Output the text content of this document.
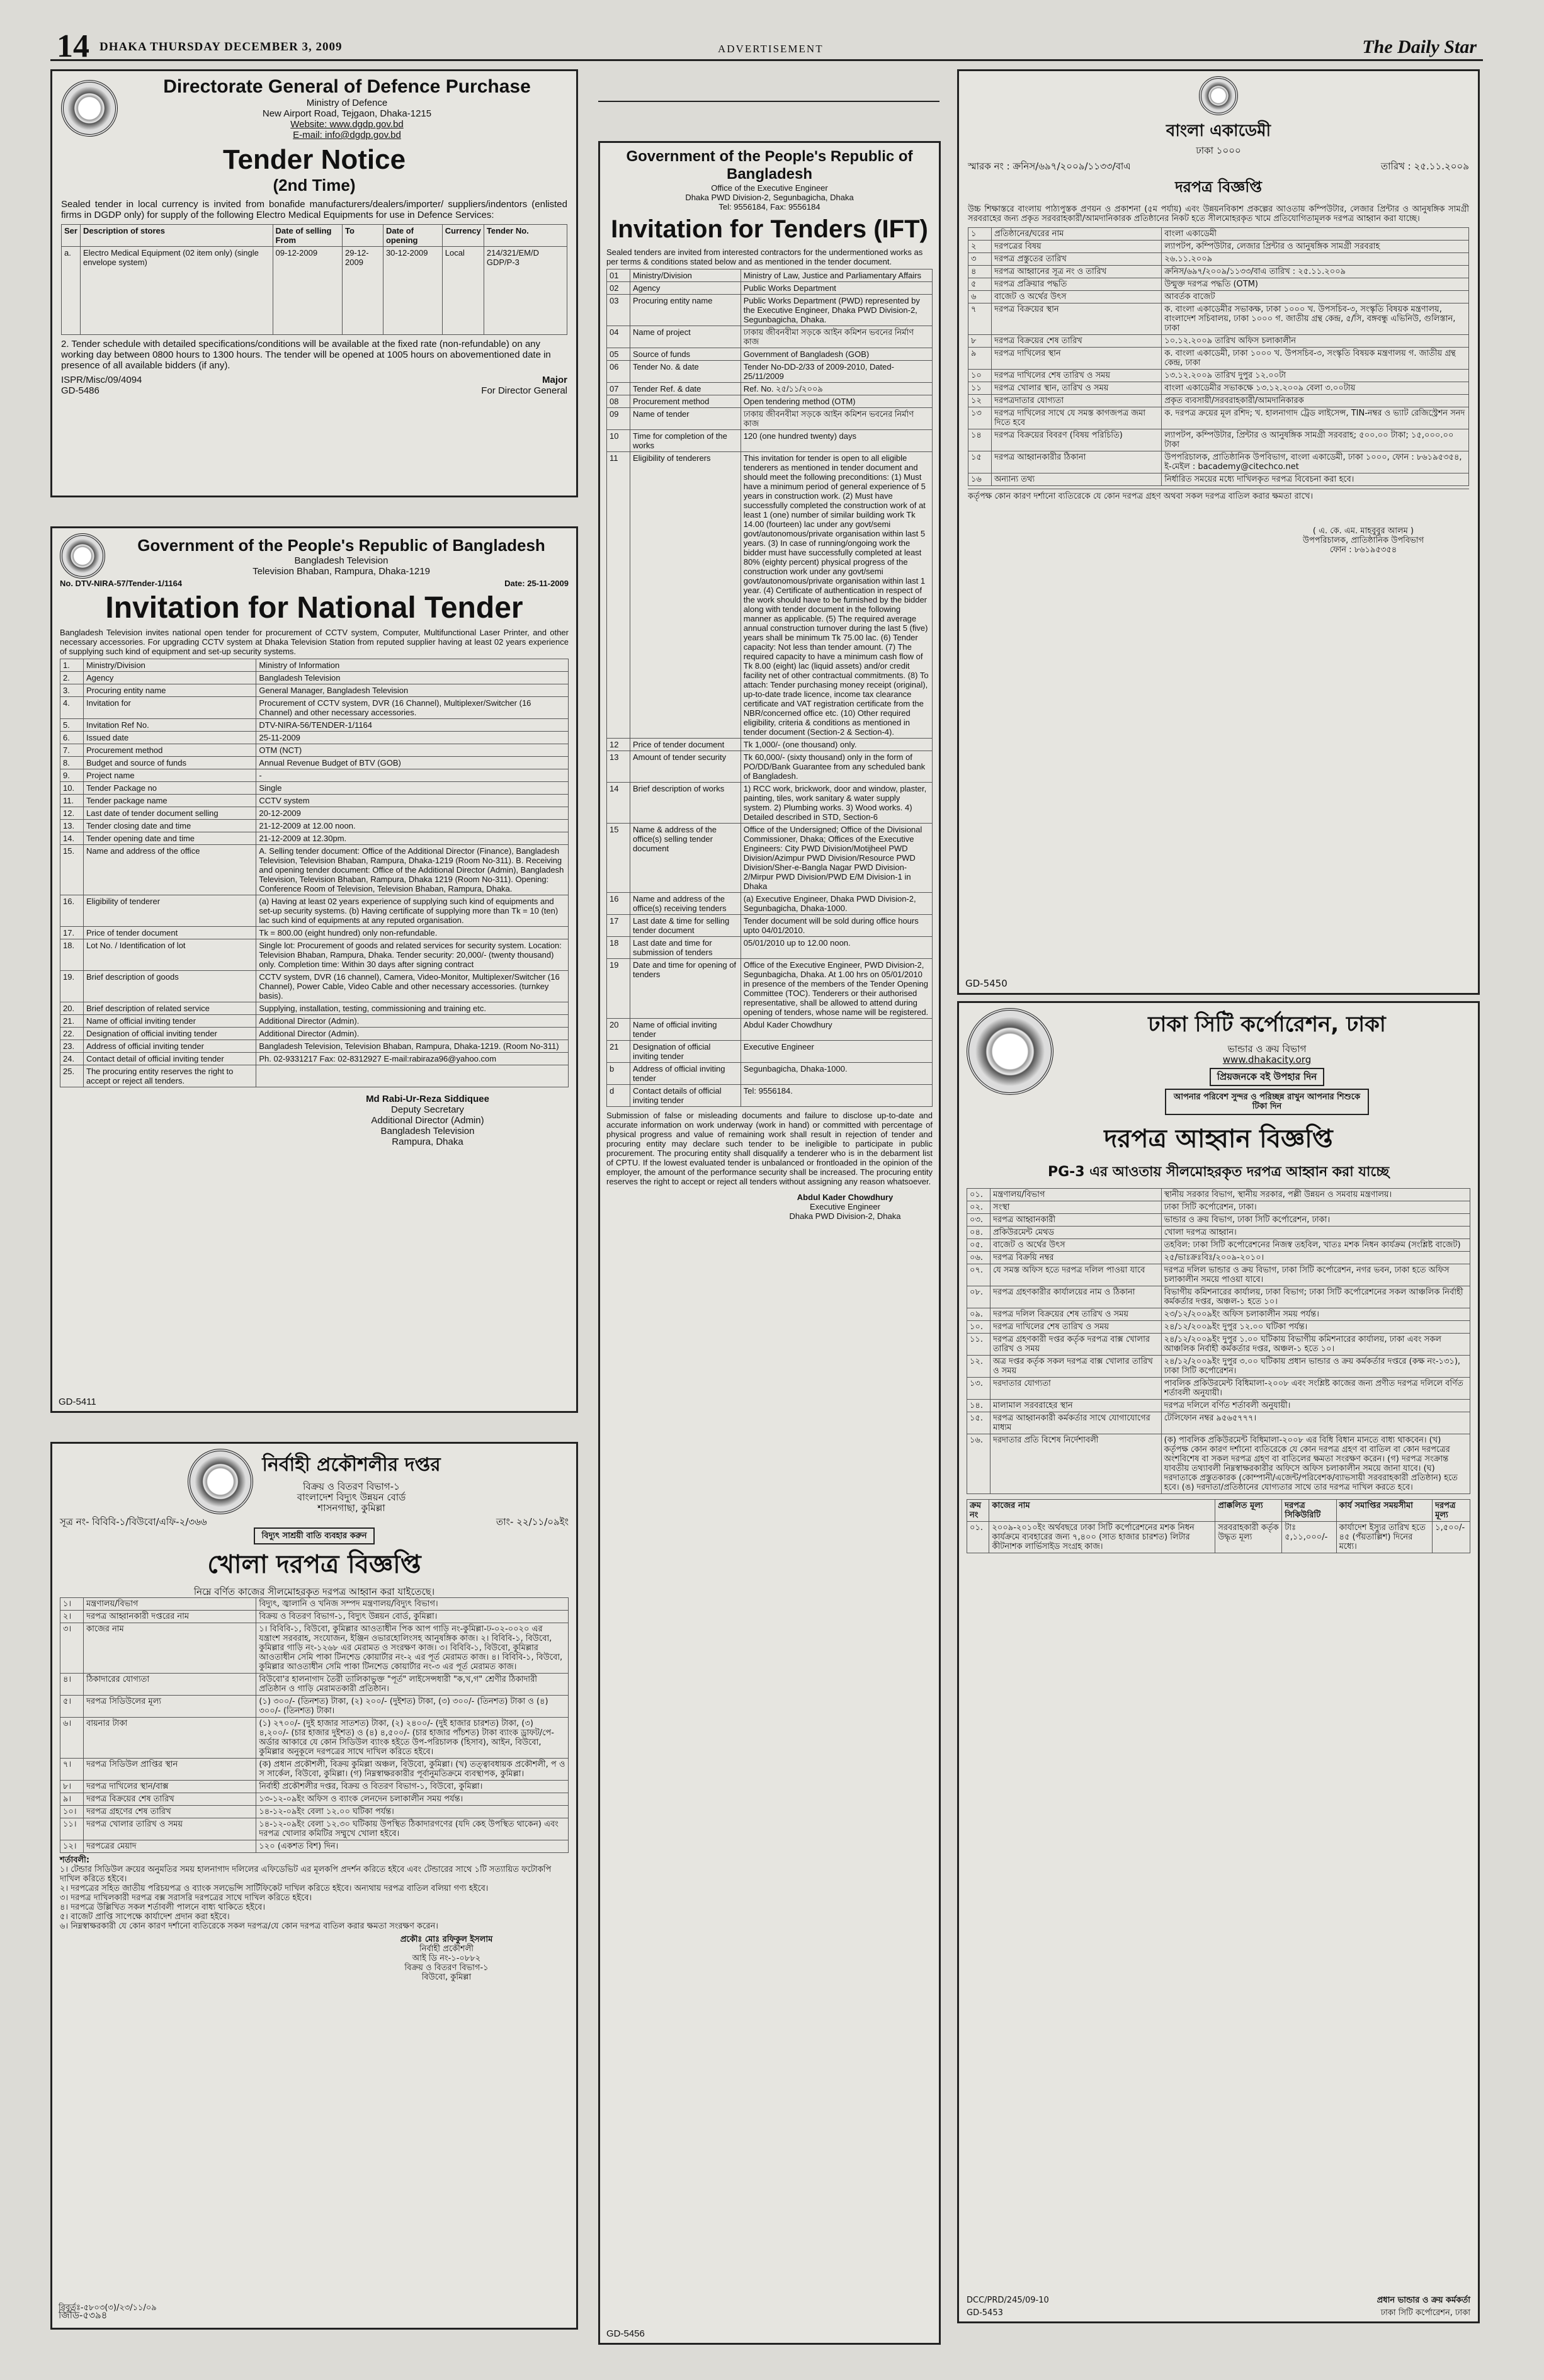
14 DHAKA THURSDAY DECEMBER 3, 2009	ADVERTISEMENT	The Daily Star
Directorate General of Defence Purchase
Ministry of Defence
New Airport Road, Tejgaon, Dhaka-1215
Website: www.dgdp.gov.bd
E-mail: info@dgdp.gov.bd
Tender Notice
(2nd Time)
Sealed tender in local currency is invited from bonafide manufacturers/dealers/importer/ suppliers/indentors (enlisted firms in DGDP only) for supply of the following Electro Medical Equipments for use in Defence Services:
Ser	Description of stores	Date of selling From	To	Date of opening	Currency	Tender No.
a.	Electro Medical Equipment (02 item only) (single envelope system)	09-12-2009	29-12-2009	30-12-2009	Local	214/321/EM/D GDP/P-3
2. Tender schedule with detailed specifications/conditions will be available at the fixed rate (non-refundable) on any working day between 0800 hours to 1300 hours. The tender will be opened at 1005 hours on abovementioned date in presence of all available bidders (if any).
ISPR/Misc/09/4094	Major
GD-5486	For Director General
Government of the People's Republic of Bangladesh
Bangladesh Television
Television Bhaban, Rampura, Dhaka-1219
No. DTV-NIRA-57/Tender-1/1164	Date: 25-11-2009
Invitation for National Tender
Bangladesh Television invites national open tender for procurement of CCTV system, Computer, Multifunctional Laser Printer, and other necessary accessories. For upgrading CCTV system at Dhaka Television Station from reputed supplier having at least 02 years experience of supplying such kind of equipment and set-up security systems.
1.	Ministry/Division	Ministry of Information
2.	Agency	Bangladesh Television
3.	Procuring entity name	General Manager, Bangladesh Television
4.	Invitation for	Procurement of CCTV system, DVR (16 Channel), Multiplexer/Switcher (16 Channel) and other necessary accessories.
5.	Invitation Ref No.	DTV-NIRA-56/TENDER-1/1164
6.	Issued date	25-11-2009
7.	Procurement method	OTM (NCT)
8.	Budget and source of funds	Annual Revenue Budget of BTV (GOB)
9.	Project name	-
10.	Tender Package no	Single
11.	Tender package name	CCTV system
12.	Last date of tender document selling	20-12-2009
13.	Tender closing date and time	21-12-2009 at 12.00 noon.
14.	Tender opening date and time	21-12-2009 at 12.30pm.
15.	Name and address of the office	A. Selling tender document: Office of the Additional Director (Finance), Bangladesh Television, Television Bhaban, Rampura, Dhaka-1219 (Room No-311). B. Receiving and opening tender document: Office of the Additional Director (Admin), Bangladesh Television, Television Bhaban, Rampura, Dhaka 1219 (Room No-311). Opening: Conference Room of Television, Television Bhaban, Rampura, Dhaka.
16.	Eligibility of tenderer	(a) Having at least 02 years experience of supplying such kind of equipments and set-up security systems. (b) Having certificate of supplying more than Tk = 10 (ten) lac such kind of equipments at any reputed organisation.
17.	Price of tender document	Tk = 800.00 (eight hundred) only non-refundable.
18.	Lot No. / Identification of lot	Single lot: Procurement of goods and related services for security system. Location: Television Bhaban, Rampura, Dhaka. Tender security: 20,000/- (twenty thousand) only. Completion time: Within 30 days after signing contract
19.	Brief description of goods	CCTV system, DVR (16 channel), Camera, Video-Monitor, Multiplexer/Switcher (16 Channel), Power Cable, Video Cable and other necessary accessories. (turnkey basis).
20.	Brief description of related service	Supplying, installation, testing, commissioning and training etc.
21.	Name of official inviting tender	Additional Director (Admin).
22.	Designation of official inviting tender	Additional Director (Admin).
23.	Address of official inviting tender	Bangladesh Television, Television Bhaban, Rampura, Dhaka-1219. (Room No-311)
24.	Contact detail of official inviting tender	Ph. 02-9331217 Fax: 02-8312927 E-mail:rabiraza96@yahoo.com
25.	The procuring entity reserves the right to accept or reject all tenders.	
Md Rabi-Ur-Reza Siddiquee
Deputy Secretary
Additional Director (Admin)
Bangladesh Television
Rampura, Dhaka
GD-5411
নির্বাহী প্রকৌশলীর দপ্তর
বিক্রয় ও বিতরণ বিভাগ-১
বাংলাদেশ বিদ্যুৎ উন্নয়ন বোর্ড
শাসনগাছা, কুমিল্লা
সূত্র নং- বিবিবি-১/বিউবো/এফি-২/৩৬৬	তাং- ২২/১১/০৯ইং
বিদ্যুৎ সাশ্রয়ী বাতি ব্যবহার করুন
খোলা দরপত্র বিজ্ঞপ্তি
নিম্নে বর্ণিত কাজের সীলমোহরকৃত দরপত্র আহ্বান করা যাইতেছে।
১।	মন্ত্রণালয়/বিভাগ	বিদ্যুৎ, জ্বালানি ও খনিজ সম্পদ মন্ত্রণালয়/বিদ্যুৎ বিভাগ।
২।	দরপত্র আহ্বানকারী দপ্তরের নাম	বিক্রয় ও বিতরণ বিভাগ-১, বিদ্যুৎ উন্নয়ন বোর্ড, কুমিল্লা।
৩।	কাজের নাম	১। বিবিবি-১, বিউবো, কুমিল্লার আওতাধীন পিক আপ গাড়ি নং-কুমিল্লা-ঢ-০২-০০২০ এর যন্ত্রাংশ সরবরাহ, সংযোজন, ইঞ্জিন ওভারহোলিংসহ আনুষঙ্গিক কাজ। ২। বিবিবি-১, বিউবো, কুমিল্লার গাড়ি নং-১২৬৮ এর মেরামত ও সংরক্ষণ কাজ। ৩। বিবিবি-১, বিউবো, কুমিল্লার আওতাধীন সেমি পাকা টিনশেড কোয়ার্টার নং-২ এর পূর্ত মেরামত কাজ। ৪। বিবিবি-১, বিউবো, কুমিল্লার আওতাধীন সেমি পাকা টিনশেড কোয়ার্টার নং-৩ এর পূর্ত মেরামত কাজ।
৪।	ঠিকাদারের যোগ্যতা	বিউবো'র হালনাগাদ তৈরী তালিকাভুক্ত "পূর্ত" লাইসেন্সধারী "ক,খ,গ" শ্রেণীর ঠিকাদারী প্রতিষ্ঠান ও গাড়ি মেরামতকারী প্রতিষ্ঠান।
৫।	দরপত্র সিডিউলের মূল্য	(১) ৩০০/- (তিনশত) টাকা, (২) ২০০/- (দুইশত) টাকা, (৩) ৩০০/- (তিনশত) টাকা ও (৪) ৩০০/- (তিনশত) টাকা।
৬।	বায়নার টাকা	(১) ২৭০০/- (দুই হাজার সাতশত) টাকা, (২) ২৪০০/- (দুই হাজার চারশত) টাকা, (৩) ৪,২০০/- (চার হাজার দুইশত) ও (৪) ৪,৫০০/- (চার হাজার পাঁচশত) টাকা ব্যাংক ড্রাফট/পে-অর্ডার আকারে যে কোন সিডিউল ব্যাংক হইতে উপ-পরিচালক (হিসাব), আইন, বিউবো, কুমিল্লার অনুকূলে দরপত্রের সাথে দাখিল করিতে হইবে।
৭।	দরপত্র সিডিউল প্রাপ্তির স্থান	(ক) প্রধান প্রকৌশলী, বিক্রয় কুমিল্লা অঞ্চল, বিউবো, কুমিল্লা। (খ) তত্ত্বাবধায়ক প্রকৌশলী, প ও স সার্কেল, বিউবো, কুমিল্লা। (গ) নিম্নস্বাক্ষরকারীর পূর্বানুমতিক্রমে ব্যবস্থাপক, কুমিল্লা।
৮।	দরপত্র দাখিলের স্থান/বাক্স	নির্বাহী প্রকৌশলীর দপ্তর, বিক্রয় ও বিতরণ বিভাগ-১, বিউবো, কুমিল্লা।
৯।	দরপত্র বিক্রয়ের শেষ তারিখ	১৩-১২-০৯ইং অফিস ও ব্যাংক লেনদেন চলাকালীন সময় পর্যন্ত।
১০।	দরপত্র গ্রহণের শেষ তারিখ	১৪-১২-০৯ইং বেলা ১২.০০ ঘটিকা পর্যন্ত।
১১।	দরপত্র খোলার তারিখ ও সময়	১৪-১২-০৯ইং বেলা ১২.৩০ ঘটিকায় উপস্থিত ঠিকাদারগণের (যদি কেহ উপস্থিত থাকেন) এবং দরপত্র খোলার কমিটির সম্মুখে খোলা হইবে।
১২।	দরপত্রের মেয়াদ	১২০ (একশত বিশ) দিন।
শর্তাবলী:
১। টেন্ডার সিডিউল ক্রয়ের অনুমতির সময় হালনাগাদ দলিলের এফিডেভিট এর মূলকপি প্রদর্শন করিতে হইবে এবং টেন্ডারের সাথে ১টি সত্যায়িত ফটোকপি দাখিল করিতে হইবে।
২। দরপত্রের সহিত জাতীয় পরিচয়পত্র ও ব্যাংক সলভেন্সি সার্টিফিকেট দাখিল করিতে হইবে। অন্যথায় দরপত্র বাতিল বলিয়া গণ্য হইবে।
৩। দরপত্র দাখিলকারী দরপত্র বক্স সরাসরি দরপত্রের সাথে দাখিল করিতে হইবে।
৪। দরপত্রে উল্লিখিত সকল শর্তাবলী পালনে বাধ্য থাকিতে হইবে।
৫। বাজেট প্রাপ্তি সাপেক্ষে কার্যাদেশ প্রদান করা হইবে।
৬। নিম্নস্বাক্ষরকারী যে কোন কারণ দর্শানো ব্যতিরেকে সকল দরপত্র/যে কোন দরপত্র বাতিল করার ক্ষমতা সংরক্ষণ করেন।
প্রকৌঃ মোঃ রফিকুল ইসলাম
নির্বাহী প্রকৌশলী
আই ডি নং-১-০৮৮২
বিক্রয় ও বিতরণ বিভাগ-১
বিউবো, কুমিল্লা
বিবুর্তঃ-৫৮০৩(৩)/২৩/১১/০৯
জিডি-৫৩৯৪
Government of the People's Republic of Bangladesh
Office of the Executive Engineer
Dhaka PWD Division-2, Segunbagicha, Dhaka
Tel: 9556184, Fax: 9556184
Invitation for Tenders (IFT)
Sealed tenders are invited from interested contractors for the undermentioned works as per terms & conditions stated below and as mentioned in the tender document.
01	Ministry/Division	Ministry of Law, Justice and Parliamentary Affairs
02	Agency	Public Works Department
03	Procuring entity name	Public Works Department (PWD) represented by the Executive Engineer, Dhaka PWD Division-2, Segunbagicha, Dhaka.
04	Name of project	ঢাকায় জীবনবীমা সড়কে আইন কমিশন ভবনের নির্মাণ কাজ
05	Source of funds	Government of Bangladesh (GOB)
06	Tender No. & date	Tender No-DD-2/33 of 2009-2010, Dated-25/11/2009
07	Tender Ref. & date	Ref. No. ২৫/১১/২০০৯
08	Procurement method	Open tendering method (OTM)
09	Name of tender	ঢাকায় জীবনবীমা সড়কে আইন কমিশন ভবনের নির্মাণ কাজ
10	Time for completion of the works	120 (one hundred twenty) days
11	Eligibility of tenderers	This invitation for tender is open to all eligible tenderers as mentioned in tender document and should meet the following preconditions: (1) Must have a minimum period of general experience of 5 years in construction work. (2) Must have successfully completed the construction work of at least 1 (one) number of similar building work Tk 14.00 (fourteen) lac under any govt/semi govt/autonomous/private organisation within last 5 years. (3) In case of running/ongoing work the bidder must have successfully completed at least 80% (eighty percent) physical progress of the construction work under any govt/semi govt/autonomous/private organisation within last 1 year. (4) Certificate of authentication in respect of the work should have to be furnished by the bidder along with tender document in the following manner as applicable. (5) The required average annual construction turnover during the last 5 (five) years shall be minimum Tk 75.00 lac. (6) Tender capacity: Not less than tender amount. (7) The required capacity to have a minimum cash flow of Tk 8.00 (eight) lac (liquid assets) and/or credit facility net of other contractual commitments. (8) To attach: Tender purchasing money receipt (original), up-to-date trade licence, income tax clearance certificate and VAT registration certificate from the NBR/concerned office etc. (10) Other required eligibility, criteria & conditions as mentioned in tender document (Section-2 & Section-4).
12	Price of tender document	Tk 1,000/- (one thousand) only.
13	Amount of tender security	Tk 60,000/- (sixty thousand) only in the form of PO/DD/Bank Guarantee from any scheduled bank of Bangladesh.
14	Brief description of works	1) RCC work, brickwork, door and window, plaster, painting, tiles, work sanitary & water supply system. 2) Plumbing works. 3) Wood works. 4) Detailed described in STD, Section-6
15	Name & address of the office(s) selling tender document	Office of the Undersigned; Office of the Divisional Commissioner, Dhaka; Offices of the Executive Engineers: City PWD Division/Motijheel PWD Division/Azimpur PWD Division/Resource PWD Division/Sher-e-Bangla Nagar PWD Division-2/Mirpur PWD Division/PWD E/M Division-1 in Dhaka
16	Name and address of the office(s) receiving tenders	(a) Executive Engineer, Dhaka PWD Division-2, Segunbagicha, Dhaka-1000.
17	Last date & time for selling tender document	Tender document will be sold during office hours upto 04/01/2010.
18	Last date and time for submission of tenders	05/01/2010 up to 12.00 noon.
19	Date and time for opening of tenders	Office of the Executive Engineer, PWD Division-2, Segunbagicha, Dhaka. At 1.00 hrs on 05/01/2010 in presence of the members of the Tender Opening Committee (TOC). Tenderers or their authorised representative, shall be allowed to attend during opening of tenders, whose name will be registered.
20	Name of official inviting tender	Abdul Kader Chowdhury
21	Designation of official inviting tender	Executive Engineer
b	Address of official inviting tender	Segunbagicha, Dhaka-1000.
d	Contact details of official inviting tender	Tel: 9556184.
Submission of false or misleading documents and failure to disclose up-to-date and accurate information on work underway (work in hand) or committed with percentage of physical progress and value of remaining work shall result in rejection of tender and procuring entity may declare such tender to be ineligible to participate in public procurement. The procuring entity shall disqualify a tenderer who is in the debarment list of CPTU. If the lowest evaluated tender is unbalanced or frontloaded in the opinion of the employer, the amount of the performance security shall be increased. The procuring entity reserves the right to accept or reject all tenders without assigning any reason whatsoever.
Abdul Kader Chowdhury
Executive Engineer
Dhaka PWD Division-2, Dhaka
GD-5456
বাংলা একাডেমী
ঢাকা ১০০০
স্মারক নং : ক্রনিস/৬৯৭/২০০৯/১১৩৩/বাএ	তারিখ : ২৫.১১.২০০৯
দরপত্র বিজ্ঞপ্তি
উচ্চ শিক্ষাস্তরে বাংলায় পাঠ্যপুস্তক প্রণয়ন ও প্রকাশনা (৫ম পর্যায়) এবং উন্নয়নবিকাশ প্রকল্পের আওতায় কম্পিউটার, লেজার প্রিন্টার ও আনুষঙ্গিক সামগ্রী সরবরাহের জন্য প্রকৃত সরবরাহকারী/আমদানিকারক প্রতিষ্ঠানের নিকট হতে সীলমোহরকৃত খামে প্রতিযোগিতামূলক দরপত্র আহ্বান করা যাচ্ছে।
১	প্রতিষ্ঠানের/ঘরের নাম	বাংলা একাডেমী
২	দরপত্রের বিষয়	ল্যাপটপ, কম্পিউটার, লেজার প্রিন্টার ও আনুষঙ্গিক সামগ্রী সরবরাহ
৩	দরপত্র প্রস্তুতের তারিখ	২৬.১১.২০০৯
৪	দরপত্র আহ্বানের সূত্র নং ও তারিখ	ক্রনিস/৬৯৭/২০০৯/১১৩৩/বাএ তারিখ : ২৫.১১.২০০৯
৫	দরপত্র প্রক্রিয়ার পদ্ধতি	উন্মুক্ত দরপত্র পদ্ধতি (OTM)
৬	বাজেট ও অর্থের উৎস	আবর্তক বাজেট
৭	দরপত্র বিক্রয়ের স্থান	ক. বাংলা একাডেমীর সভাকক্ষ, ঢাকা ১০০০ খ. উপসচিব-৩, সংস্কৃতি বিষয়ক মন্ত্রণালয়, বাংলাদেশ সচিবালয়, ঢাকা ১০০০ গ. জাতীয় গ্রন্থ কেন্দ্র, ৫/সি, বঙ্গবন্ধু এভিনিউ, গুলিস্তান, ঢাকা
৮	দরপত্র বিক্রয়ের শেষ তারিখ	১০.১২.২০০৯ তারিখ অফিস চলাকালীন
৯	দরপত্র দাখিলের স্থান	ক. বাংলা একাডেমী, ঢাকা ১০০০ খ. উপসচিব-৩, সংস্কৃতি বিষয়ক মন্ত্রণালয় গ. জাতীয় গ্রন্থ কেন্দ্র, ঢাকা
১০	দরপত্র দাখিলের শেষ তারিখ ও সময়	১৩.১২.২০০৯ তারিখ দুপুর ১২.০০টা
১১	দরপত্র খোলার স্থান, তারিখ ও সময়	বাংলা একাডেমীর সভাকক্ষে ১৩.১২.২০০৯ বেলা ৩.০০টায়
১২	দরপত্রদাতার যোগ্যতা	প্রকৃত ব্যবসায়ী/সরবরাহকারী/আমদানিকারক
১৩	দরপত্র দাখিলের সাথে যে সমস্ত কাগজপত্র জমা দিতে হবে	ক. দরপত্র ক্রয়ের মূল রশিদ; খ. হালনাগাদ ট্রেড লাইসেন্স, TIN-নম্বর ও ভ্যাট রেজিস্ট্রেশন সনদ
১৪	দরপত্র বিক্রয়ের বিবরণ (বিষয় পরিচিতি)	ল্যাপটপ, কম্পিউটার, প্রিন্টার ও আনুষঙ্গিক সামগ্রী সরবরাহ; ৫০০.০০ টাকা; ১৫,০০০.০০ টাকা
১৫	দরপত্র আহ্বানকারীর ঠিকানা	উপপরিচালক, প্রাতিষ্ঠানিক উপবিভাগ, বাংলা একাডেমী, ঢাকা ১০০০, ফোন : ৮৬১৯৫৩৫৪, ই-মেইল : bacademy@citechco.net
১৬	অন্যান্য তথ্য	নির্ধারিত সময়ের মধ্যে দাখিলকৃত দরপত্র বিবেচনা করা হবে।
কর্তৃপক্ষ কোন কারণ দর্শানো ব্যতিরেকে যে কোন দরপত্র গ্রহণ অথবা সকল দরপত্র বাতিল করার ক্ষমতা রাখে।
( এ. কে. এম. মাহবুবুর আলম )
উপপরিচালক, প্রাতিষ্ঠানিক উপবিভাগ
ফোন : ৮৬১৯৫৩৫৪
GD-5450
ঢাকা সিটি কর্পোরেশন, ঢাকা
ভান্ডার ও ক্রয় বিভাগ
www.dhakacity.org
প্রিয়জনকে বই উপহার দিন
আপনার পরিবেশ সুন্দর ও পরিচ্ছন্ন রাখুন আপনার শিশুকে টিকা দিন
দরপত্র আহ্বান বিজ্ঞপ্তি
PG-3 এর আওতায় সীলমোহরকৃত দরপত্র আহ্বান করা যাচ্ছে
০১.	মন্ত্রণালয়/বিভাগ	স্থানীয় সরকার বিভাগ, স্থানীয় সরকার, পল্লী উন্নয়ন ও সমবায় মন্ত্রণালয়।
০২.	সংস্থা	ঢাকা সিটি কর্পোরেশন, ঢাকা।
০৩.	দরপত্র আহ্বানকারী	ভান্ডার ও ক্রয় বিভাগ, ঢাকা সিটি কর্পোরেশন, ঢাকা।
০৪.	প্রকিউরমেন্ট মেথড	খোলা দরপত্র আহ্বান।
০৫.	বাজেট ও অর্থের উৎস	তহবিল: ঢাকা সিটি কর্পোরেশনের নিজস্ব তহবিল, খাতঃ মশক নিধন কার্যক্রম (সংশ্লিষ্ট বাজেট)
০৬.	দরপত্র বিক্রয়ি নম্বর	২৫/ভাঃক্রঃবিঃ/২০০৯-২০১০।
০৭.	যে সমস্ত অফিস হতে দরপত্র দলিল পাওয়া যাবে	দরপত্র দলিল ভান্ডার ও ক্রয় বিভাগ, ঢাকা সিটি কর্পোরেশন, নগর ভবন, ঢাকা হতে অফিস চলাকালীন সময়ে পাওয়া যাবে।
০৮.	দরপত্র গ্রহণকারীর কার্যালয়ের নাম ও ঠিকানা	বিভাগীয় কমিশনারের কার্যালয়, ঢাকা বিভাগ; ঢাকা সিটি কর্পোরেশনের সকল আঞ্চলিক নির্বাহী কর্মকর্তার দপ্তর, অঞ্চল-১ হতে ১০।
০৯.	দরপত্র দলিল বিক্রয়ের শেষ তারিখ ও সময়	২৩/১২/২০০৯ইং অফিস চলাকালীন সময় পর্যন্ত।
১০.	দরপত্র দাখিলের শেষ তারিখ ও সময়	২৪/১২/২০০৯ইং দুপুর ১২.০০ ঘটিকা পর্যন্ত।
১১.	দরপত্র গ্রহণকারী দপ্তর কর্তৃক দরপত্র বাক্স খোলার তারিখ ও সময়	২৪/১২/২০০৯ইং দুপুর ১.০০ ঘটিকায় বিভাগীয় কমিশনারের কার্যালয়, ঢাকা এবং সকল আঞ্চলিক নির্বাহী কর্মকর্তার দপ্তর, অঞ্চল-১ হতে ১০।
১২.	অত্র দপ্তর কর্তৃক সকল দরপত্র বাক্স খোলার তারিখ ও সময়	২৪/১২/২০০৯ইং দুপুর ৩.০০ ঘটিকায় প্রধান ভান্ডার ও ক্রয় কর্মকর্তার দপ্তরে (কক্ষ নং-১৩১), ঢাকা সিটি কর্পোরেশন।
১৩.	দরদাতার যোগ্যতা	পাবলিক প্রকিউরমেন্ট বিধিমালা-২০০৮ এবং সংশ্লিষ্ট কাজের জন্য প্রণীত দরপত্র দলিলে বর্ণিত শর্তাবলী অনুযায়ী।
১৪.	মালামাল সরবরাহের স্থান	দরপত্র দলিলে বর্ণিত শর্তাবলী অনুযায়ী।
১৫.	দরপত্র আহ্বানকারী কর্মকর্তার সাথে যোগাযোগের মাধ্যম	টেলিফোন নম্বর ৯৫৬৫৭৭৭।
১৬.	দরদাতার প্রতি বিশেষ নির্দেশাবলী	(ক) পাবলিক প্রকিউরমেন্ট বিধিমালা-২০০৮ এর বিধি বিধান মানতে বাধ্য থাকবেন। (খ) কর্তৃপক্ষ কোন কারণ দর্শানো ব্যতিরেকে যে কোন দরপত্র গ্রহণ বা বাতিল বা কোন দরপত্রের অংশবিশেষ বা সকল দরপত্র গ্রহণ বা বাতিলের ক্ষমতা সংরক্ষণ করেন। (গ) দরপত্র সংক্রান্ত যাবতীয় তথ্যাবলী নিম্নস্বাক্ষরকারীর অফিসে অফিস চলাকালীন সময়ে জানা যাবে। (ঘ) দরদাতাকে প্রস্তুতকারক (কোম্পানী/এজেন্ট/পরিবেশক/ব্যাভসায়ী সরবরাহকারী প্রতিষ্ঠান) হতে হবে। (ঙ) দরদাতা/প্রতিষ্ঠানের যোগ্যতার সাথে তার দরপত্র দাখিল করতে হবে।
ক্রম নং	কাজের নাম	প্রাক্কলিত মূল্য	দরপত্র সিকিউরিটি	কার্য সমাপ্তির সময়সীমা	দরপত্র মূল্য
০১.	২০০৯-২০১০ইং অর্থবছরে ঢাকা সিটি কর্পোরেশনের মশক নিধন কার্যক্রমে ব্যবহারের জন্য ৭,৪০০ (সাত হাজার চারশত) লিটার কীটনাশক লার্ভিসাইড সংগ্রহ কাজ।	সরবরাহকারী কর্তৃক উদ্ধৃত মূল্য	টাঃ ৫,১১,০০০/-	কার্যাদেশ ইস্যুর তারিখ হতে ৪৫ (পঁয়তাল্লিশ) দিনের মধ্যে।	১,৫০০/-
DCC/PRD/245/09-10	প্রধান ভান্ডার ও ক্রয় কর্মকর্তা
GD-5453	ঢাকা সিটি কর্পোরেশন, ঢাকা
